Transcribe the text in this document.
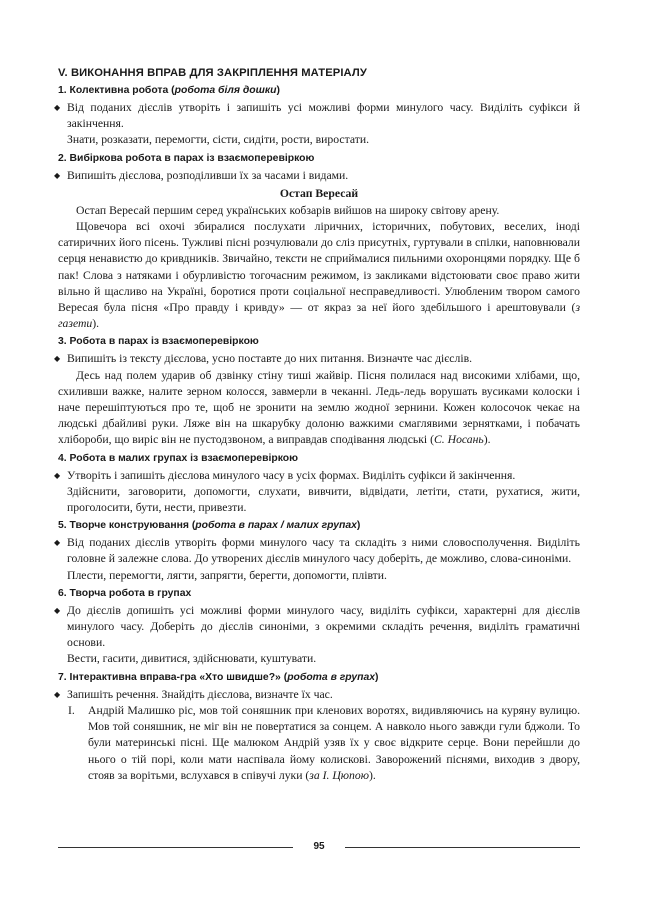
V. ВИКОНАННЯ ВПРАВ ДЛЯ ЗАКРІПЛЕННЯ МАТЕРІАЛУ
1. Колективна робота (робота біля дошки)

◆ Від поданих дієслів утворіть і запишіть усі можливі форми минулого часу. Виділіть суфікси й закінчення.

Знати, розказати, перемогти, сісти, сидіти, рости, виростати.

2. Вибіркова робота в парах із взаємоперевіркою

◆ Випишіть дієслова, розподіливши їх за часами і видами.

Остап Вересай

Остап Вересай першим серед українських кобзарів вийшов на широку світову арену.

Щовечора всі охочі збиралися послухати ліричних, історичних, побутових, веселих, іноді сатиричних його пісень. Тужливі пісні розчулювали до сліз присутніх, гуртували в спілки, наповнювали серця ненавистю до кривдників. Звичайно, тексти не сприймалися пильними охоронцями порядку. Ще б пак! Слова з натяками і обурливістю тогочасним режимом, із закликами відстоювати своє право жити вільно й щасливо на Україні, боротися проти соціальної несправедливості. Улюбленим твором самого Вересая була пісня «Про правду і кривду» — от якраз за неї його здебільшого і арештовували (з газети).

3. Робота в парах із взаємоперевіркою

◆ Випишіть із тексту дієслова, усно поставте до них питання. Визначте час дієслів.

Десь над полем ударив об дзвінку стіну тиші жайвір. Пісня полилася над високими хлібами, що, схиливши важке, налите зерном колосся, завмерли в чеканні. Ледь-ледь ворушать вусиками колоски і наче перешіптуються про те, щоб не зронити на землю жодної зернини. Кожен колосочок чекає на людські дбайливі руки. Ляже він на шкарубку долоню важкими смаглявими зернятками, і побачать хлібороби, що виріс він не пустодзвоном, а виправдав сподівання людські (С. Носань).

4. Робота в малих групах із взаємоперевіркою

◆ Утворіть і запишіть дієслова минулого часу в усіх формах. Виділіть суфікси й закінчення.

Здійснити, заговорити, допомогти, слухати, вивчити, відвідати, летіти, стати, рухатися, жити, проголосити, бути, нести, привезти.

5. Творче конструювання (робота в парах / малих групах)

◆ Від поданих дієслів утворіть форми минулого часу та складіть з ними словосполучення. Виділіть головне й залежне слова. До утворених дієслів минулого часу доберіть, де можливо, слова-синоніми.

Плести, перемогти, лягти, запрягти, берегти, допомогти, плівти.

6. Творча робота в групах

◆ До дієслів допишіть усі можливі форми минулого часу, виділіть суфікси, характерні для дієслів минулого часу. Доберіть до дієслів синоніми, з окремими складіть речення, виділіть граматичні основи.

Вести, гасити, дивитися, здійснювати, куштувати.

7. Інтерактивна вправа-гра «Хто швидше?» (робота в групах)

◆ Запишіть речення. Знайдіть дієслова, визначте їх час.

І. Андрій Малишко ріс, мов той соняшник при кленових воротях, видивляючись на куряну вулицю. Мов той соняшник, не міг він не повертатися за сонцем. А навколо нього завжди гули бджоли. То були материнські пісні. Ще малюком Андрій узяв їх у своє відкрите серце. Вони перейшли до нього о тій порі, коли мати наспівала йому колискові. Заворожений піснями, виходив з двору, стояв за ворітьми, вслухався в співучі луки (за І. Цюпою).

95
